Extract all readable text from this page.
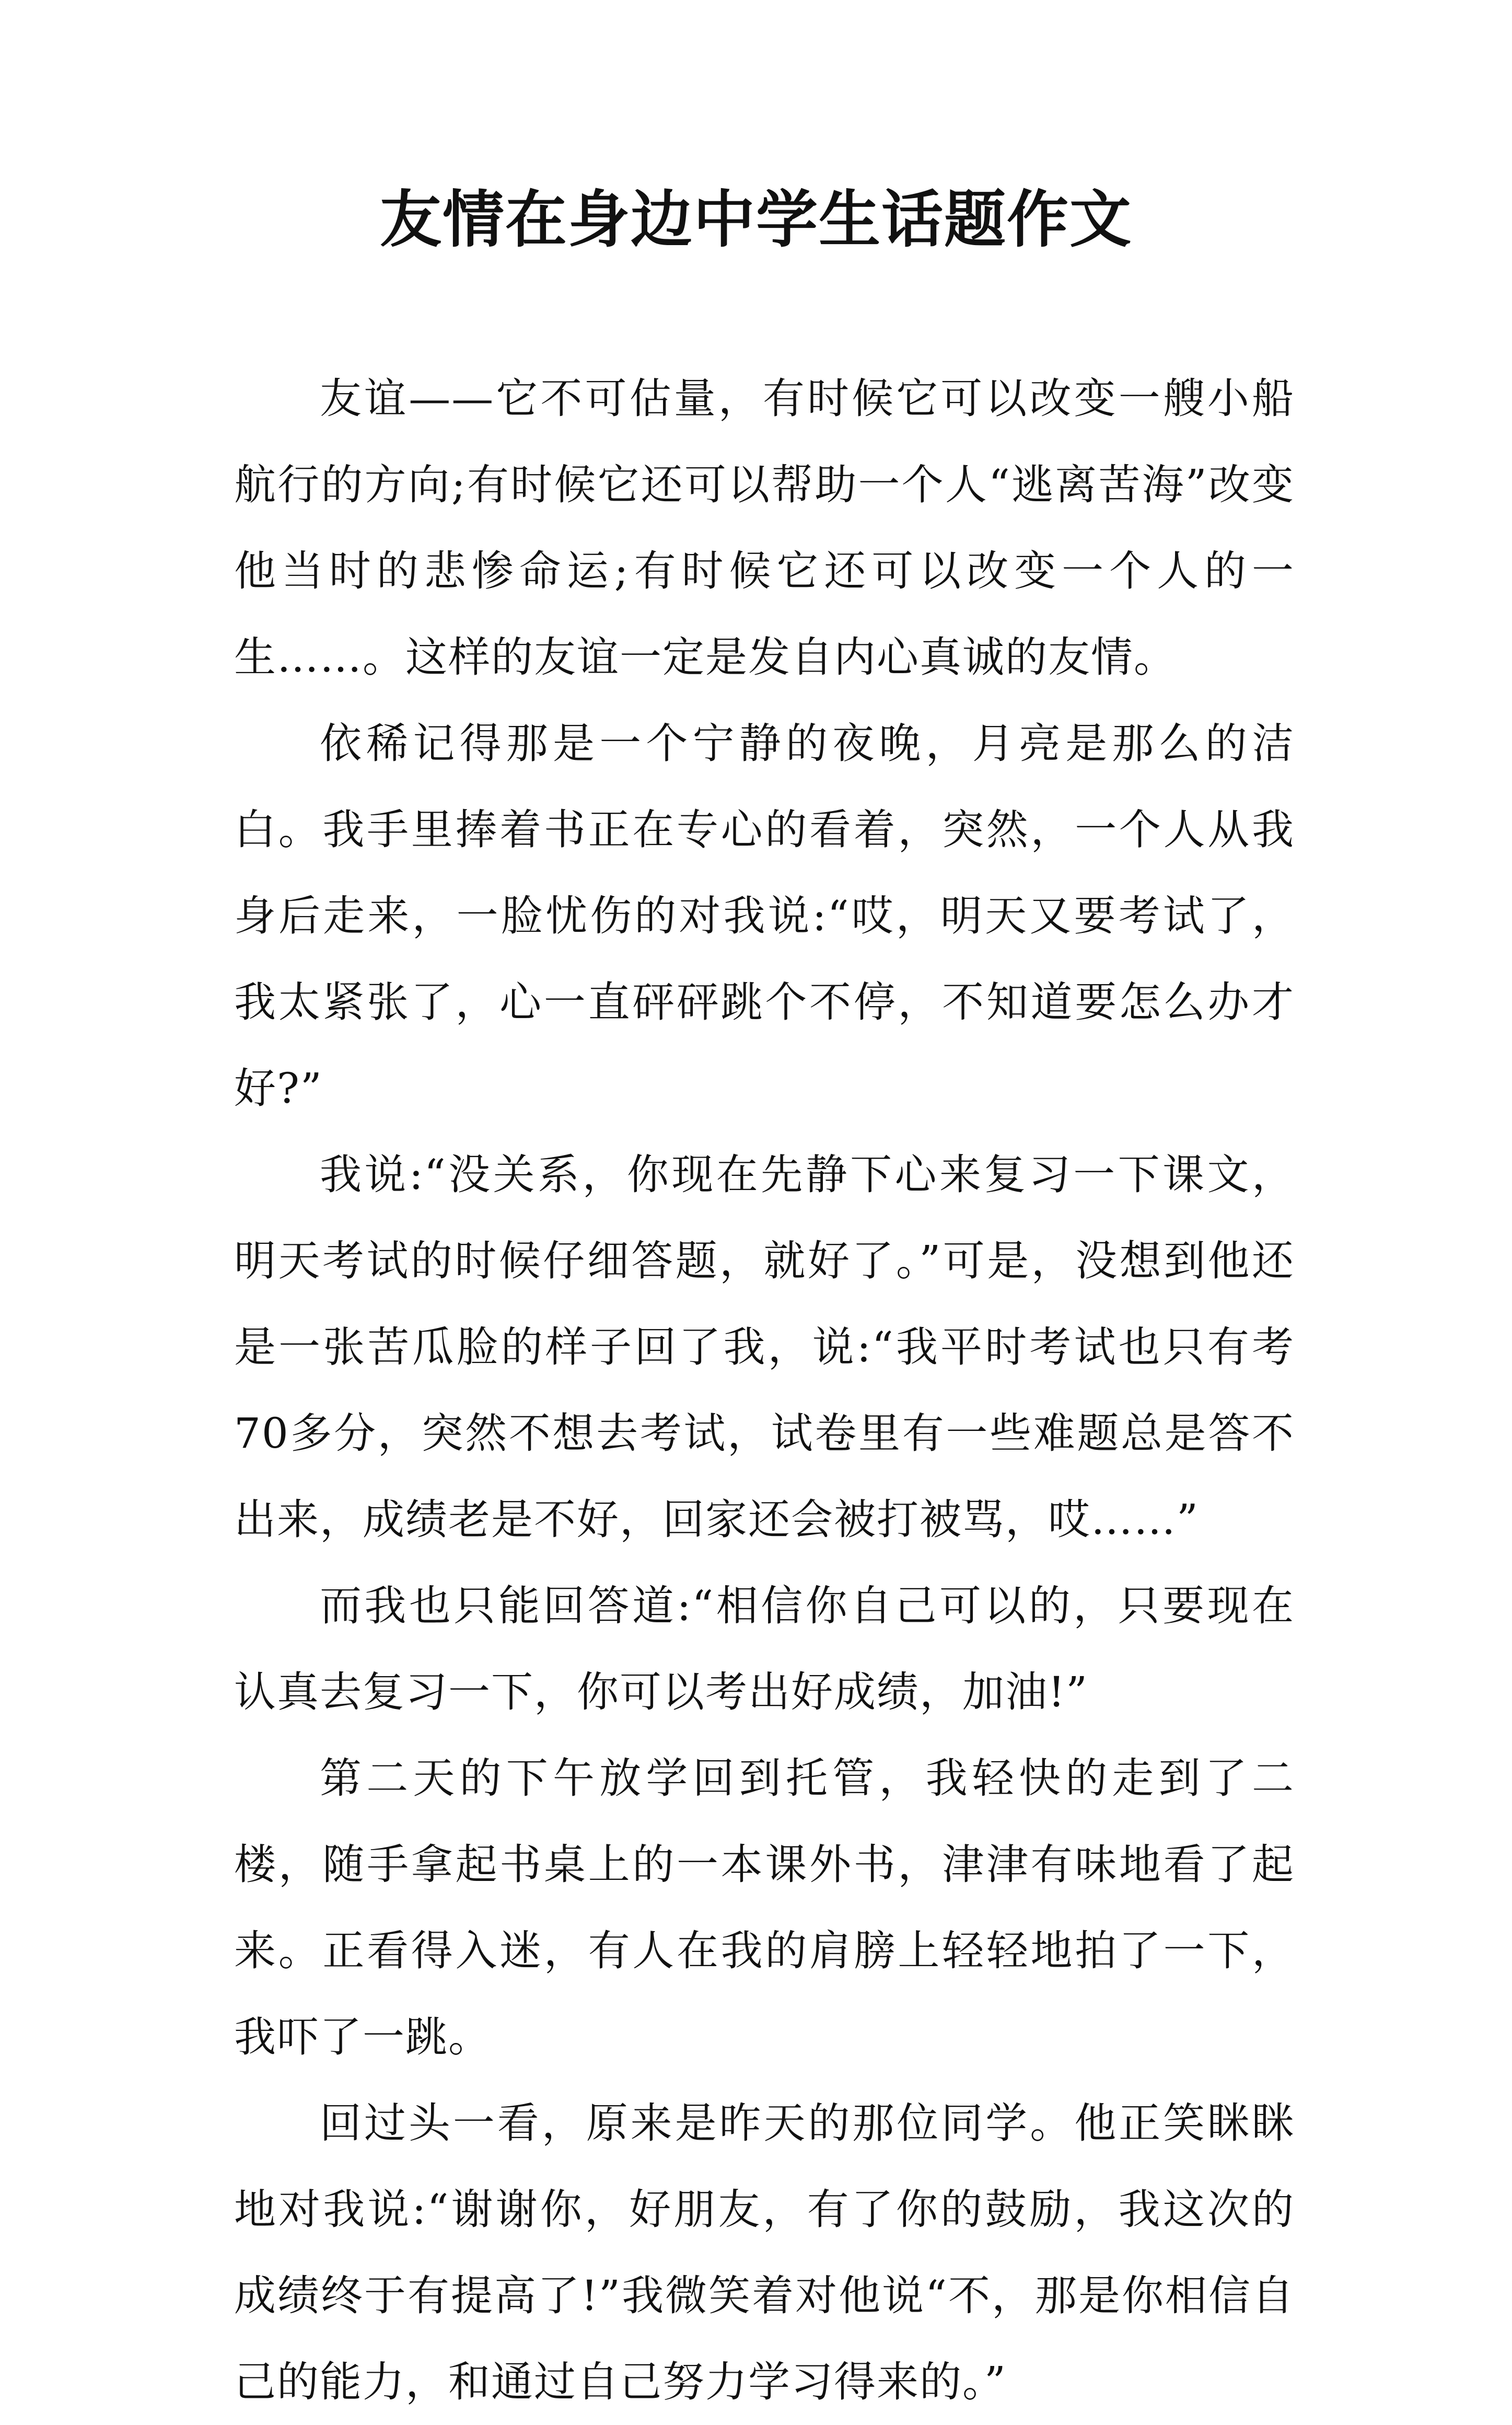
友情在身边中学生话题作文

友谊——它不可估量，有时候它可以改变一艘小船航行的方向;有时候它还可以帮助一个人“逃离苦海”改变他当时的悲惨命运;有时候它还可以改变一个人的一生……。这样的友谊一定是发自内心真诚的友情。

依稀记得那是一个宁静的夜晚，月亮是那么的洁白。我手里捧着书正在专心的看着，突然，一个人从我身后走来，一脸忧伤的对我说:“哎，明天又要考试了，我太紧张了，心一直砰砰跳个不停，不知道要怎么办才好?”

我说:“没关系，你现在先静下心来复习一下课文，明天考试的时候仔细答题，就好了。”可是，没想到他还是一张苦瓜脸的样子回了我，说:“我平时考试也只有考70多分，突然不想去考试，试卷里有一些难题总是答不出来，成绩老是不好，回家还会被打被骂，哎……”

而我也只能回答道:“相信你自己可以的，只要现在认真去复习一下，你可以考出好成绩，加油!”

第二天的下午放学回到托管，我轻快的走到了二楼，随手拿起书桌上的一本课外书，津津有味地看了起来。正看得入迷，有人在我的肩膀上轻轻地拍了一下，我吓了一跳。

回过头一看，原来是昨天的那位同学。他正笑眯眯地对我说:“谢谢你，好朋友，有了你的鼓励，我这次的成绩终于有提高了!”我微笑着对他说“不，那是你相信自己的能力，和通过自己努力学习得来的。”
